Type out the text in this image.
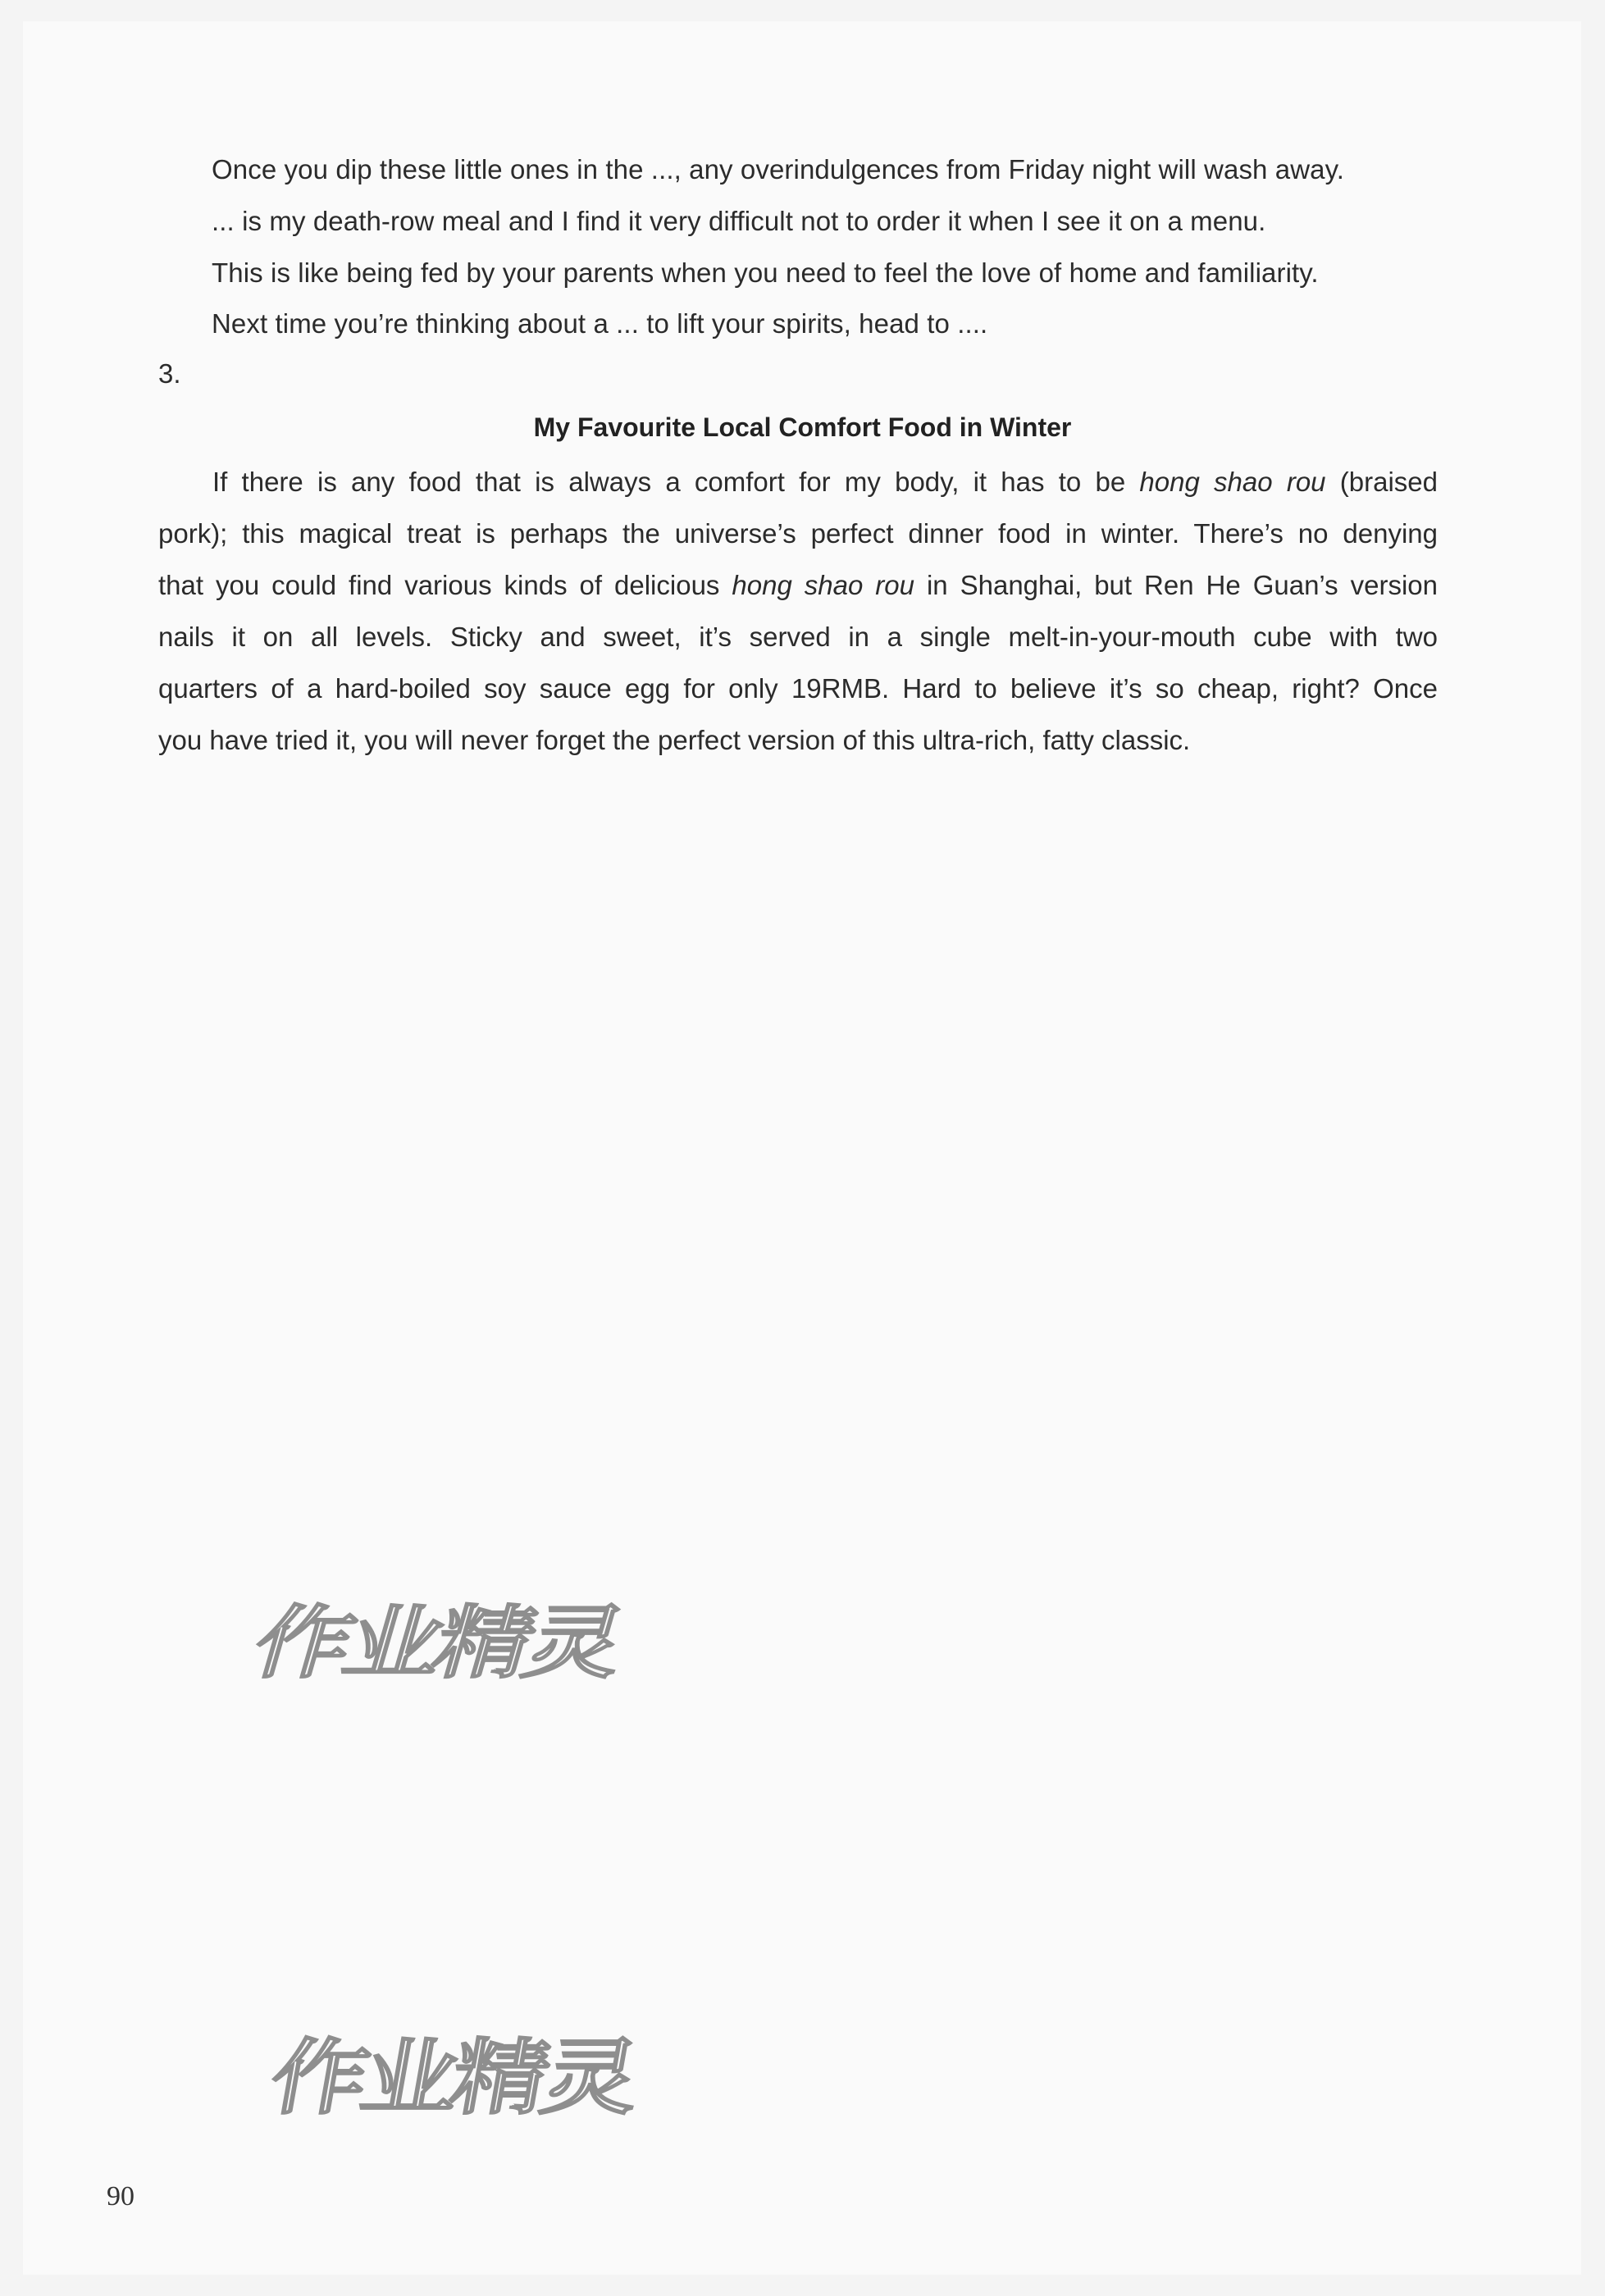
Once you dip these little ones in the ..., any overindulgences from Friday night will wash away.
... is my death-row meal and I find it very difficult not to order it when I see it on a menu.
This is like being fed by your parents when you need to feel the love of home and familiarity.
Next time you’re thinking about a ... to lift your spirits, head to ....
3.
My Favourite Local Comfort Food in Winter
If there is any food that is always a comfort for my body, it has to be hong shao rou (braised
pork); this magical treat is perhaps the universe’s perfect dinner food in winter. There’s no denying
that you could find various kinds of delicious hong shao rou in Shanghai, but Ren He Guan’s version
nails it on all levels. Sticky and sweet, it’s served in a single melt-in-your-mouth cube with two
quarters of a hard-boiled soy sauce egg for only 19RMB. Hard to believe it’s so cheap, right? Once
you have tried it, you will never forget the perfect version of this ultra-rich, fatty classic.
作业精灵
作业精灵
90
